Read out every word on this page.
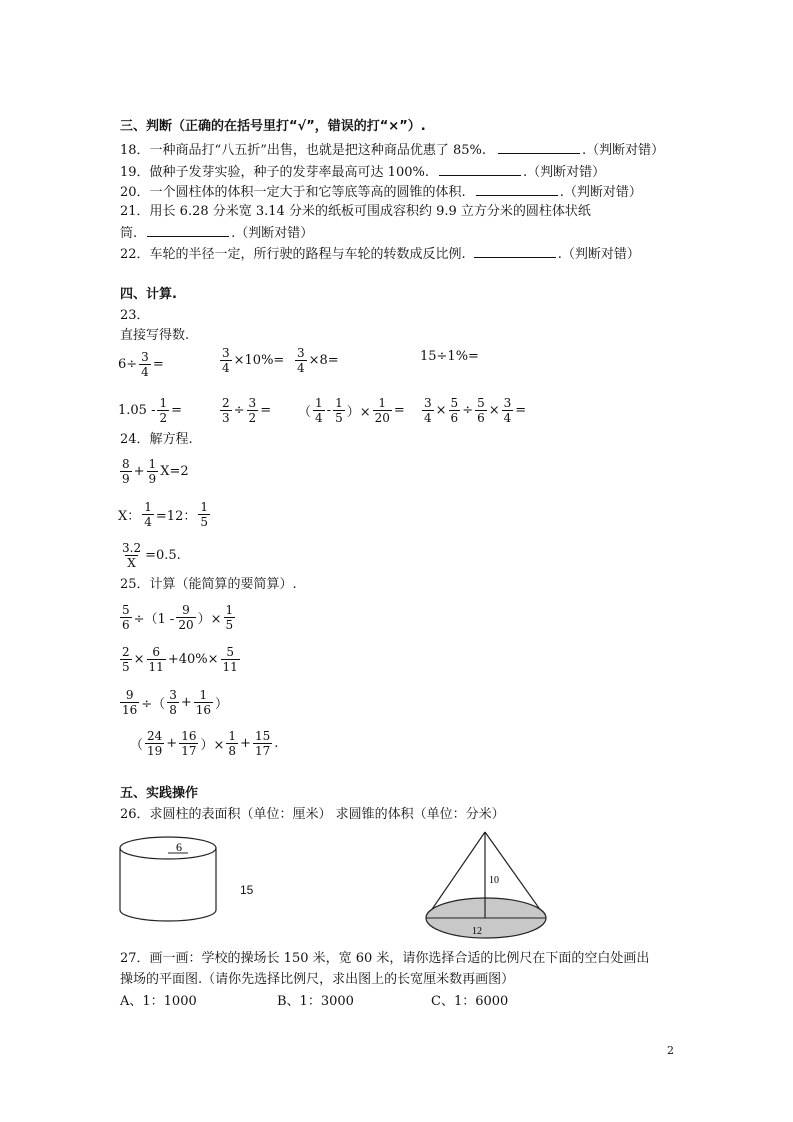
三、判断（正确的在括号里打“√”，错误的打“×”）.
18．一种商品打“八五折”出售，也就是把这种商品优惠了 85%.	.（判断对错）
19．做种子发芽实验，种子的发芽率最高可达 100%.	.（判断对错）
20．一个圆柱体的体积一定大于和它等底等高的圆锥的体积.	.（判断对错）
21．用长 6.28 分米宽 3.14 分米的纸板可围成容积约 9.9 立方分米的圆柱体状纸
筒.	.（判断对错）
22．车轮的半径一定，所行驶的路程与车轮的转数成反比例.	.（判断对错）
四、计算.
23．
直接写得数.
$6\div \frac{3}{4}$ =	$\frac{3}{4} \times 10\%= \frac{3}{4} \times 8=$	15÷1%=
$1.05 - \frac{1}{2}$ =	$\frac{2}{3} \div \frac{3}{2}$ = （ $\frac{1}{4} - \frac{1}{5}$ ）× $\frac{1}{20} = \frac{3}{4} \times \frac{5}{6} \div \frac{5}{6} \times \frac{3}{4}$ =
24．解方程.
$\frac{8}{9} + \frac{1}{9} X=2$
X： $\frac{1}{4} =12$： $\frac{1}{5}$
$\frac{3.2}{X} =0.5$.
25．计算（能简算的要简算）.
$\frac{5}{6} \div(1 - \frac{9}{20}$ ）× $\frac{1}{5}$
$\frac{2}{5} \times \frac{6}{11} +40\%\times \frac{5}{11}$
$\frac{9}{16}$ ÷（ $\frac{3}{8} + \frac{1}{16}$ ）
（ $\frac{24}{19} + \frac{16}{17}$ ）× $\frac{1}{8} + \frac{15}{17}$ .
五、实践操作
26．求圆柱的表面积（单位：厘米） 求圆锥的体积（单位：分米）
6
15
10
12
27．画一画：学校的操场长 150 米，宽 60 米，请你选择合适的比例尺在下面的空白处画出
操场的平面图.（请你先选择比例尺，求出图上的长宽厘米数再画图）
A、1：1000	B、1：3000	C、1：6000
2
